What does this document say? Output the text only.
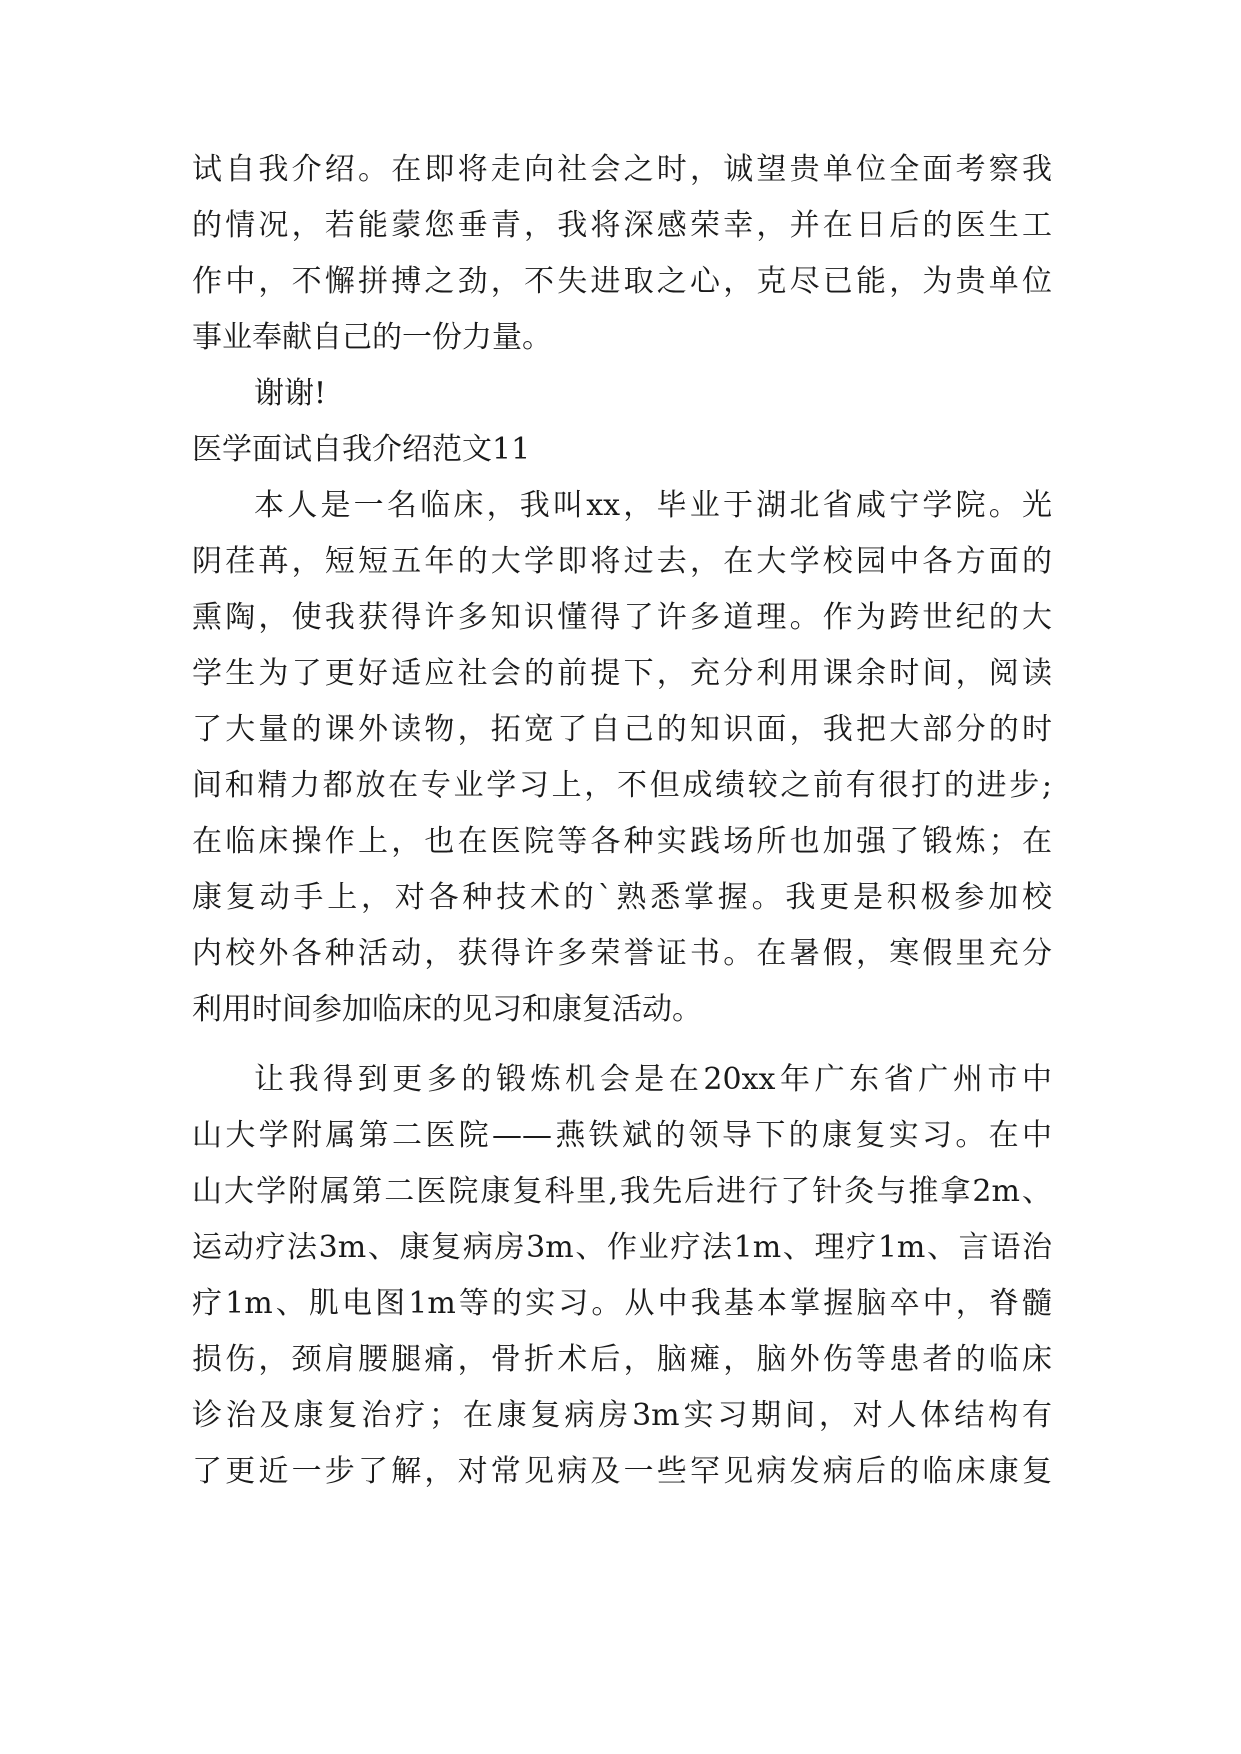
试自我介绍。在即将走向社会之时，诚望贵单位全面考察我

的情况，若能蒙您垂青，我将深感荣幸，并在日后的医生工

作中，不懈拼搏之劲，不失进取之心，克尽已能，为贵单位

事业奉献自己的一份力量。

谢谢!

医学面试自我介绍范文11

本人是一名临床，我叫xx，毕业于湖北省咸宁学院。光

阴荏苒，短短五年的大学即将过去，在大学校园中各方面的

熏陶，使我获得许多知识懂得了许多道理。作为跨世纪的大

学生为了更好适应社会的前提下，充分利用课余时间，阅读

了大量的课外读物，拓宽了自己的知识面，我把大部分的时

间和精力都放在专业学习上，不但成绩较之前有很打的进步;

在临床操作上，也在医院等各种实践场所也加强了锻炼；在

康复动手上，对各种技术的`熟悉掌握。我更是积极参加校

内校外各种活动，获得许多荣誉证书。在暑假，寒假里充分

利用时间参加临床的见习和康复活动。

让我得到更多的锻炼机会是在20xx年广东省广州市中

山大学附属第二医院——燕铁斌的领导下的康复实习。在中

山大学附属第二医院康复科里,我先后进行了针灸与推拿2m、

运动疗法3m、康复病房3m、作业疗法1m、理疗1m、言语治

疗1m、肌电图1m等的实习。从中我基本掌握脑卒中，脊髓

损伤，颈肩腰腿痛，骨折术后，脑瘫，脑外伤等患者的临床

诊治及康复治疗；在康复病房3m实习期间，对人体结构有

了更近一步了解，对常见病及一些罕见病发病后的临床康复
